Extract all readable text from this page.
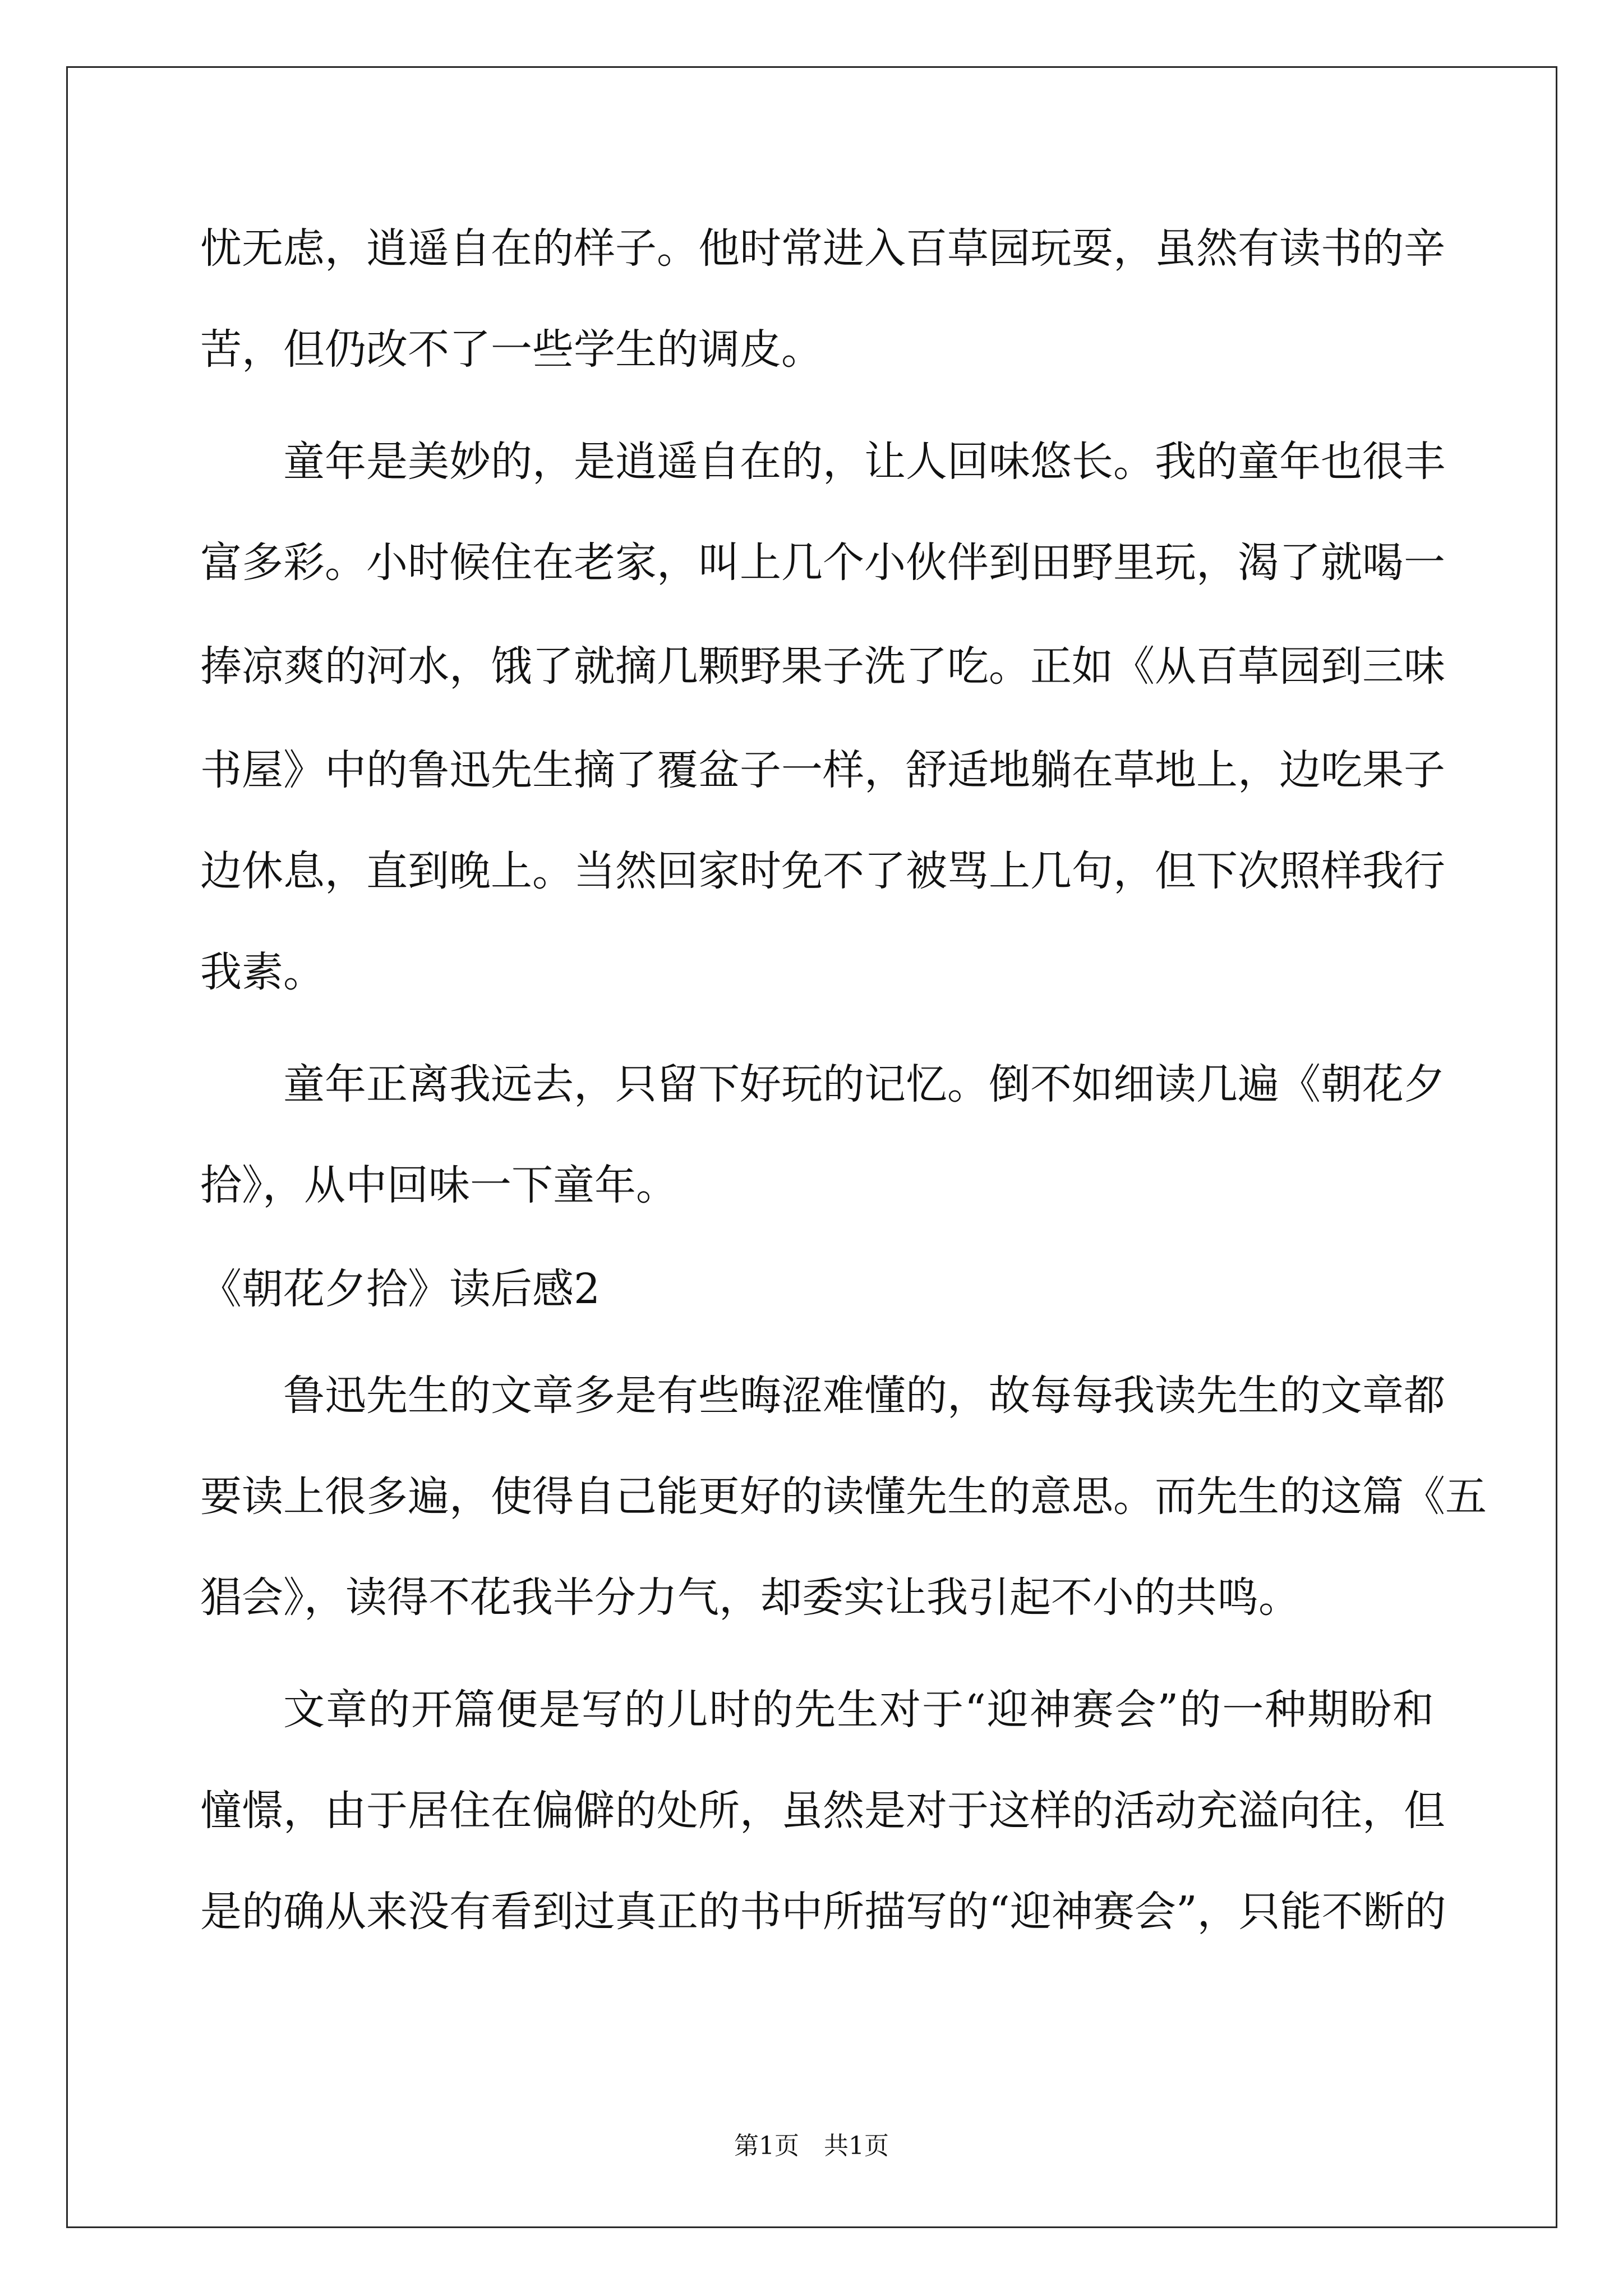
忧无虑，逍遥自在的样子。他时常进入百草园玩耍，虽然有读书的辛
苦，但仍改不了一些学生的调皮。
童年是美妙的，是逍遥自在的，让人回味悠长。我的童年也很丰
富多彩。小时候住在老家，叫上几个小伙伴到田野里玩，渴了就喝一
捧凉爽的河水，饿了就摘几颗野果子洗了吃。正如《从百草园到三味
书屋》中的鲁迅先生摘了覆盆子一样，舒适地躺在草地上，边吃果子
边休息，直到晚上。当然回家时免不了被骂上几句，但下次照样我行
我素。
童年正离我远去，只留下好玩的记忆。倒不如细读几遍《朝花夕
拾》，从中回味一下童年。
《朝花夕拾》读后感2
鲁迅先生的文章多是有些晦涩难懂的，故每每我读先生的文章都
要读上很多遍，使得自己能更好的读懂先生的意思。而先生的这篇《五
猖会》，读得不花我半分力气，却委实让我引起不小的共鸣。
文章的开篇便是写的儿时的先生对于“迎神赛会”的一种期盼和
憧憬，由于居住在偏僻的处所，虽然是对于这样的活动充溢向往，但
是的确从来没有看到过真正的书中所描写的“迎神赛会”，只能不断的
第1页　共1页
